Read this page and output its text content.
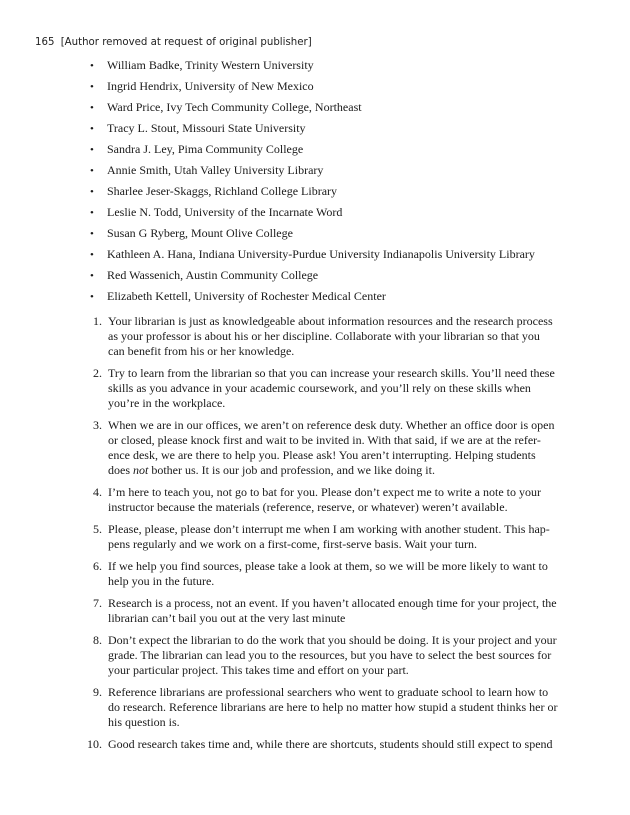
165 [Author removed at request of original publisher]
• William Badke, Trinity Western University
• Ingrid Hendrix, University of New Mexico
• Ward Price, Ivy Tech Community College, Northeast
• Tracy L. Stout, Missouri State University
• Sandra J. Ley, Pima Community College
• Annie Smith, Utah Valley University Library
• Sharlee Jeser-Skaggs, Richland College Library
• Leslie N. Todd, University of the Incarnate Word
• Susan G Ryberg, Mount Olive College
• Kathleen A. Hana, Indiana University-Purdue University Indianapolis University Library
• Red Wassenich, Austin Community College
• Elizabeth Kettell, University of Rochester Medical Center
1. Your librarian is just as knowledgeable about information resources and the research process
as your professor is about his or her discipline. Collaborate with your librarian so that you
can benefit from his or her knowledge.
2. Try to learn from the librarian so that you can increase your research skills. You’ll need these
skills as you advance in your academic coursework, and you’ll rely on these skills when
you’re in the workplace.
3. When we are in our offices, we aren’t on reference desk duty. Whether an office door is open
or closed, please knock first and wait to be invited in. With that said, if we are at the refer-
ence desk, we are there to help you. Please ask! You aren’t interrupting. Helping students
does not bother us. It is our job and profession, and we like doing it.
4. I’m here to teach you, not go to bat for you. Please don’t expect me to write a note to your
instructor because the materials (reference, reserve, or whatever) weren’t available.
5. Please, please, please don’t interrupt me when I am working with another student. This hap-
pens regularly and we work on a first-come, first-serve basis. Wait your turn.
6. If we help you find sources, please take a look at them, so we will be more likely to want to
help you in the future.
7. Research is a process, not an event. If you haven’t allocated enough time for your project, the
librarian can’t bail you out at the very last minute
8. Don’t expect the librarian to do the work that you should be doing. It is your project and your
grade. The librarian can lead you to the resources, but you have to select the best sources for
your particular project. This takes time and effort on your part.
9. Reference librarians are professional searchers who went to graduate school to learn how to
do research. Reference librarians are here to help no matter how stupid a student thinks her or
his question is.
10. Good research takes time and, while there are shortcuts, students should still expect to spend
